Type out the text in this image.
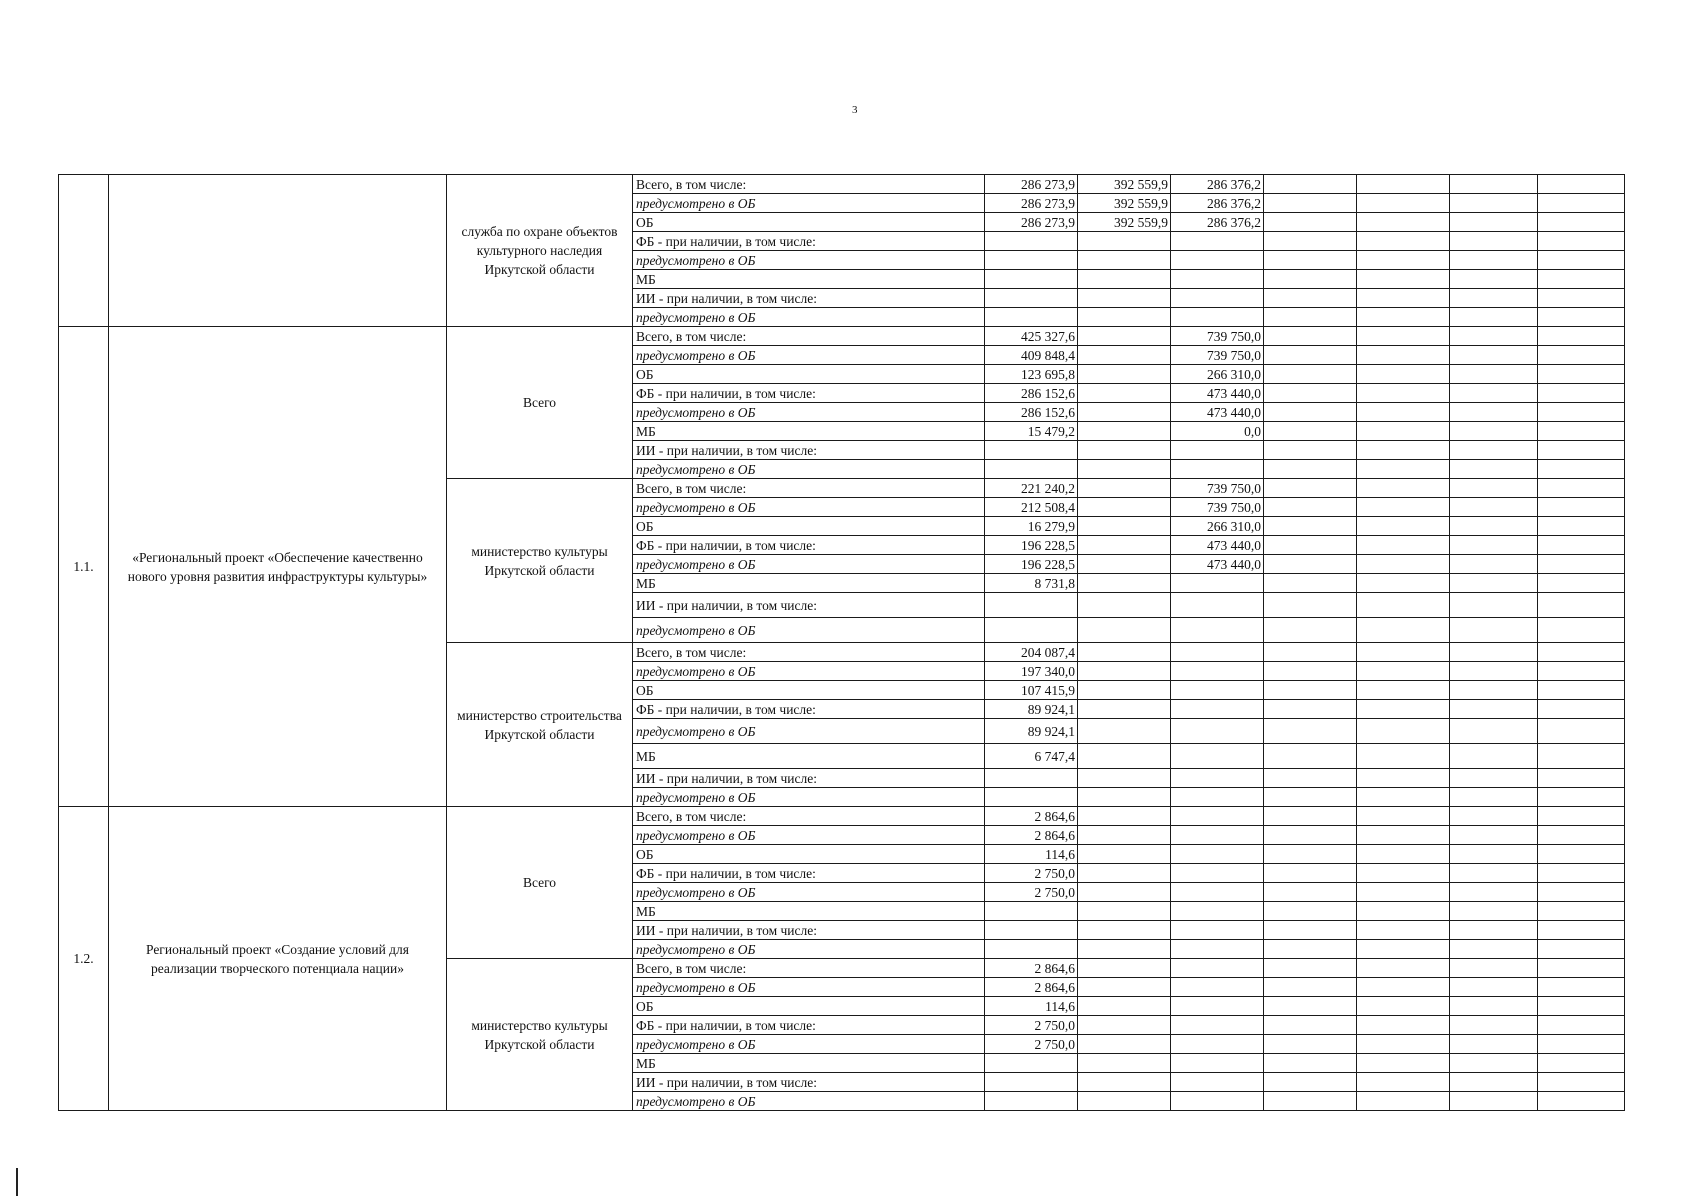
3
		служба по охране объектов культурного наследия Иркутской области	Всего, в том числе:	286 273,9	392 559,9	286 376,2				
			предусмотрено в ОБ	286 273,9	392 559,9	286 376,2				
			ОБ	286 273,9	392 559,9	286 376,2				
			ФБ - при наличии, в том числе:							
			предусмотрено в ОБ							
			МБ							
			ИИ - при наличии, в том числе:							
			предусмотрено в ОБ							
1.1.	«Региональный проект «Обеспечение качественно нового уровня развития инфраструктуры культуры»	Всего	Всего, в том числе:	425 327,6		739 750,0				
			предусмотрено в ОБ	409 848,4		739 750,0				
			ОБ	123 695,8		266 310,0				
			ФБ - при наличии, в том числе:	286 152,6		473 440,0				
			предусмотрено в ОБ	286 152,6		473 440,0				
			МБ	15 479,2		0,0				
			ИИ - при наличии, в том числе:							
			предусмотрено в ОБ							
		министерство культуры Иркутской области	Всего, в том числе:	221 240,2		739 750,0				
			предусмотрено в ОБ	212 508,4		739 750,0				
			ОБ	16 279,9		266 310,0				
			ФБ - при наличии, в том числе:	196 228,5		473 440,0				
			предусмотрено в ОБ	196 228,5		473 440,0				
			МБ	8 731,8						
			ИИ - при наличии, в том числе:							
			предусмотрено в ОБ							
		министерство строительства Иркутской области	Всего, в том числе:	204 087,4						
			предусмотрено в ОБ	197 340,0						
			ОБ	107 415,9						
			ФБ - при наличии, в том числе:	89 924,1						
			предусмотрено в ОБ	89 924,1						
			МБ	6 747,4						
			ИИ - при наличии, в том числе:							
			предусмотрено в ОБ							
1.2.	Региональный проект «Создание условий для реализации творческого потенциала нации»	Всего	Всего, в том числе:	2 864,6						
			предусмотрено в ОБ	2 864,6						
			ОБ	114,6						
			ФБ - при наличии, в том числе:	2 750,0						
			предусмотрено в ОБ	2 750,0						
			МБ							
			ИИ - при наличии, в том числе:							
			предусмотрено в ОБ							
		министерство культуры Иркутской области	Всего, в том числе:	2 864,6						
			предусмотрено в ОБ	2 864,6						
			ОБ	114,6						
			ФБ - при наличии, в том числе:	2 750,0						
			предусмотрено в ОБ	2 750,0						
			МБ							
			ИИ - при наличии, в том числе:							
			предусмотрено в ОБ							
